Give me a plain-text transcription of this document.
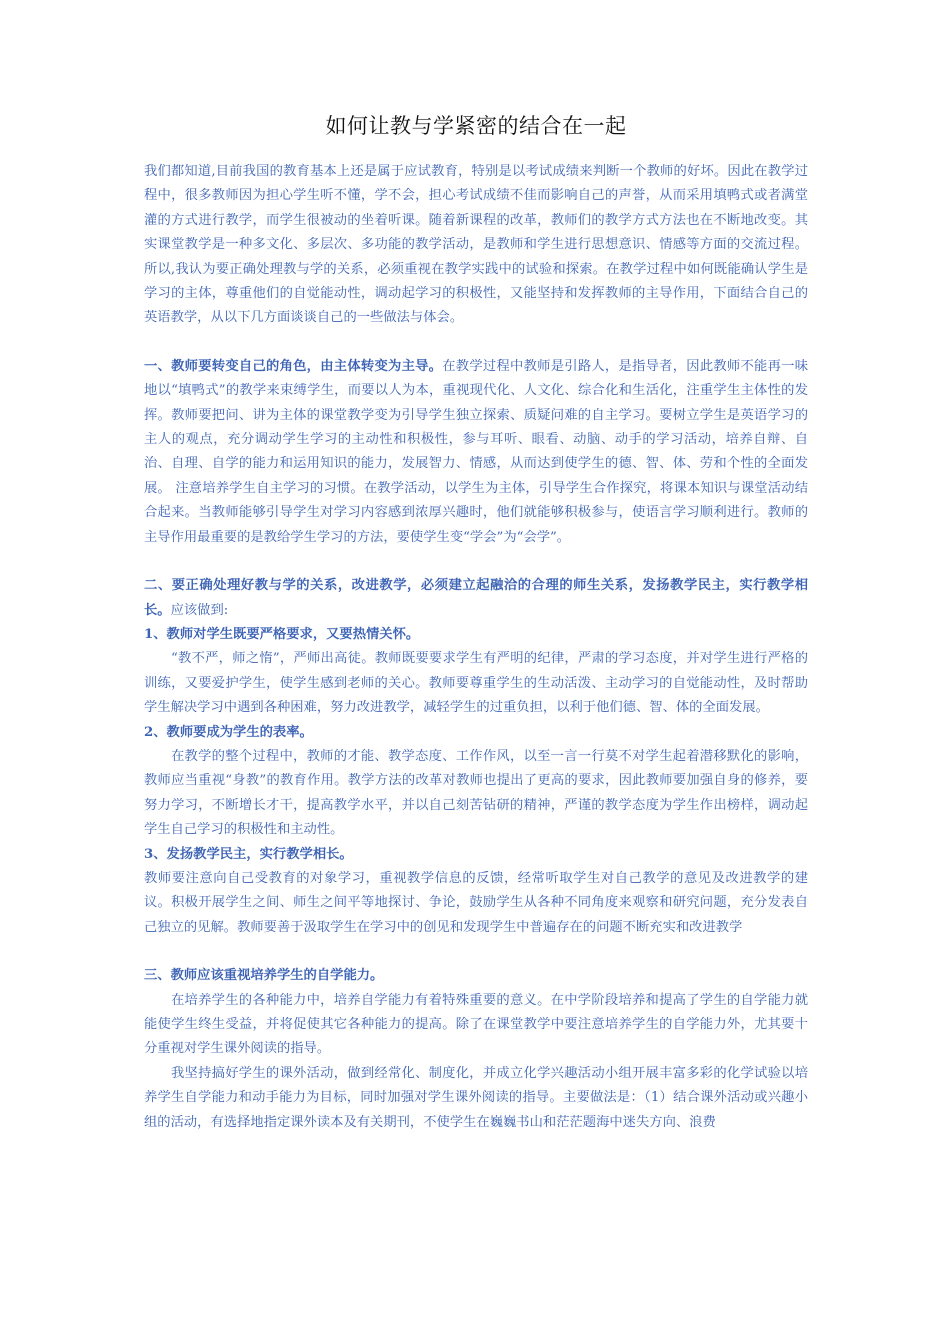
如何让教与学紧密的结合在一起

我们都知道,目前我国的教育基本上还是属于应试教育，特别是以考试成绩来判断一个教师的好坏。因此在教学过程中，很多教师因为担心学生听不懂，学不会，担心考试成绩不佳而影响自己的声誉，从而采用填鸭式或者满堂灌的方式进行教学，而学生很被动的坐着听课。随着新课程的改革，教师们的教学方式方法也在不断地改变。其实课堂教学是一种多文化、多层次、多功能的教学活动，是教师和学生进行思想意识、情感等方面的交流过程。所以,我认为要正确处理教与学的关系，必须重视在教学实践中的试验和探索。在教学过程中如何既能确认学生是学习的主体，尊重他们的自觉能动性，调动起学习的积极性，又能坚持和发挥教师的主导作用，下面结合自己的英语教学，从以下几方面谈谈自己的一些做法与体会。

一、教师要转变自己的角色，由主体转变为主导。在教学过程中教师是引路人，是指导者，因此教师不能再一味地以“填鸭式”的教学来束缚学生，而要以人为本，重视现代化、人文化、综合化和生活化，注重学生主体性的发挥。教师要把问、讲为主体的课堂教学变为引导学生独立探索、质疑问难的自主学习。要树立学生是英语学习的主人的观点，充分调动学生学习的主动性和积极性，参与耳听、眼看、动脑、动手的学习活动，培养自辩、自治、自理、自学的能力和运用知识的能力，发展智力、情感，从而达到使学生的德、智、体、劳和个性的全面发展。 注意培养学生自主学习的习惯。在教学活动，以学生为主体，引导学生合作探究，将课本知识与课堂活动结合起来。当教师能够引导学生对学习内容感到浓厚兴趣时，他们就能够积极参与，使语言学习顺利进行。教师的主导作用最重要的是教给学生学习的方法，要使学生变“学会”为“会学”。

二、要正确处理好教与学的关系，改进教学，必须建立起融洽的合理的师生关系，发扬教学民主，实行教学相长。应该做到:

1、教师对学生既要严格要求，又要热情关怀。

“教不严，师之惰”，严师出高徒。教师既要要求学生有严明的纪律，严肃的学习态度，并对学生进行严格的训练，又要爱护学生，使学生感到老师的关心。教师要尊重学生的生动活泼、主动学习的自觉能动性，及时帮助学生解决学习中遇到各种困难，努力改进教学，减轻学生的过重负担，以利于他们德、智、体的全面发展。

2、教师要成为学生的表率。

在教学的整个过程中，教师的才能、教学态度、工作作风，以至一言一行莫不对学生起着潜移默化的影响，教师应当重视“身教”的教育作用。教学方法的改革对教师也提出了更高的要求，因此教师要加强自身的修养，要努力学习，不断增长才干，提高教学水平，并以自己刻苦钻研的精神，严谨的教学态度为学生作出榜样，调动起学生自己学习的积极性和主动性。

3、发扬教学民主，实行教学相长。

教师要注意向自己受教育的对象学习，重视教学信息的反馈，经常听取学生对自己教学的意见及改进教学的建议。积极开展学生之间、师生之间平等地探讨、争论，鼓励学生从各种不同角度来观察和研究问题，充分发表自己独立的见解。教师要善于汲取学生在学习中的创见和发现学生中普遍存在的问题不断充实和改进教学

三、教师应该重视培养学生的自学能力。

在培养学生的各种能力中，培养自学能力有着特殊重要的意义。在中学阶段培养和提高了学生的自学能力就能使学生终生受益，并将促使其它各种能力的提高。除了在课堂教学中要注意培养学生的自学能力外，尤其要十分重视对学生课外阅读的指导。

我坚持搞好学生的课外活动，做到经常化、制度化，并成立化学兴趣活动小组开展丰富多彩的化学试验以培养学生自学能力和动手能力为目标，同时加强对学生课外阅读的指导。主要做法是：（1）结合课外活动或兴趣小组的活动，有选择地指定课外读本及有关期刊，不使学生在巍巍书山和茫茫题海中迷失方向、浪费
